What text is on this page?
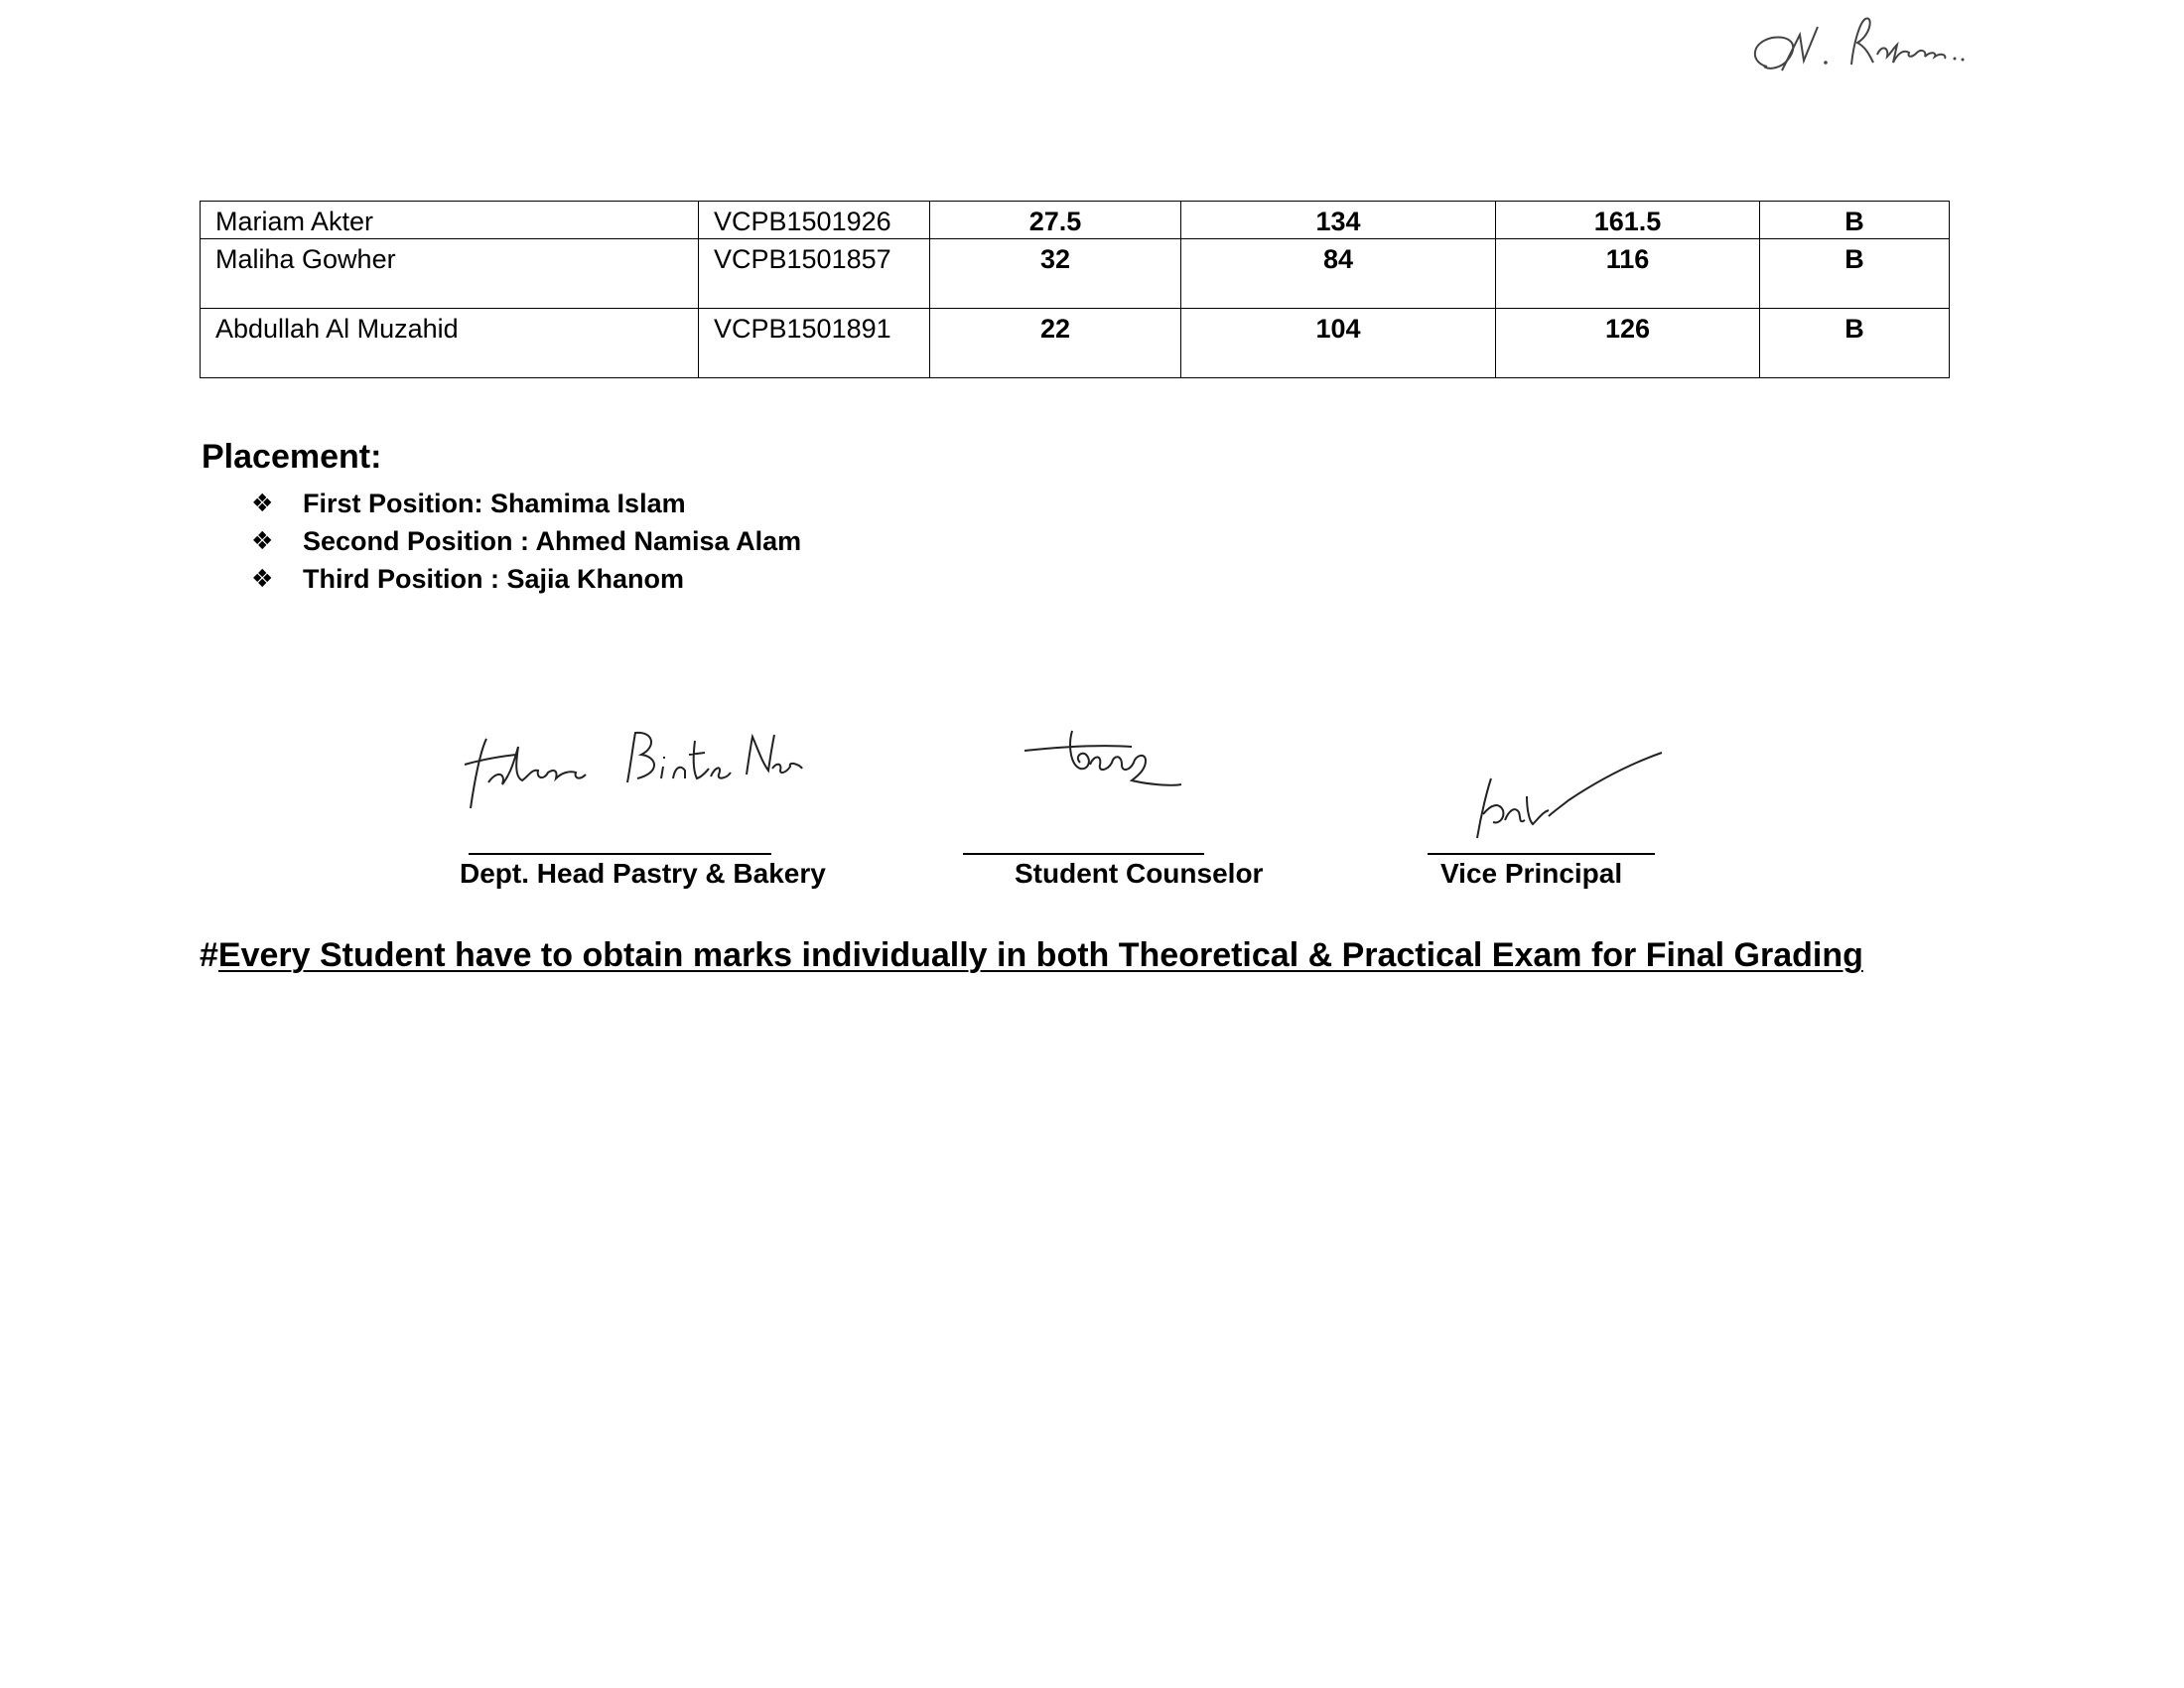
Mariam Akter	VCPB1501926	27.5	134	161.5	B
Maliha Gowher	VCPB1501857	32	84	116	B
Abdullah Al Muzahid	VCPB1501891	22	104	126	B
Placement:
❖	First Position: Shamima Islam
❖	Second Position : Ahmed Namisa Alam
❖	Third Position : Sajia Khanom
Dept. Head Pastry & Bakery	Student Counselor	Vice Principal

#Every Student have to obtain marks individually in both Theoretical & Practical Exam for Final Grading
